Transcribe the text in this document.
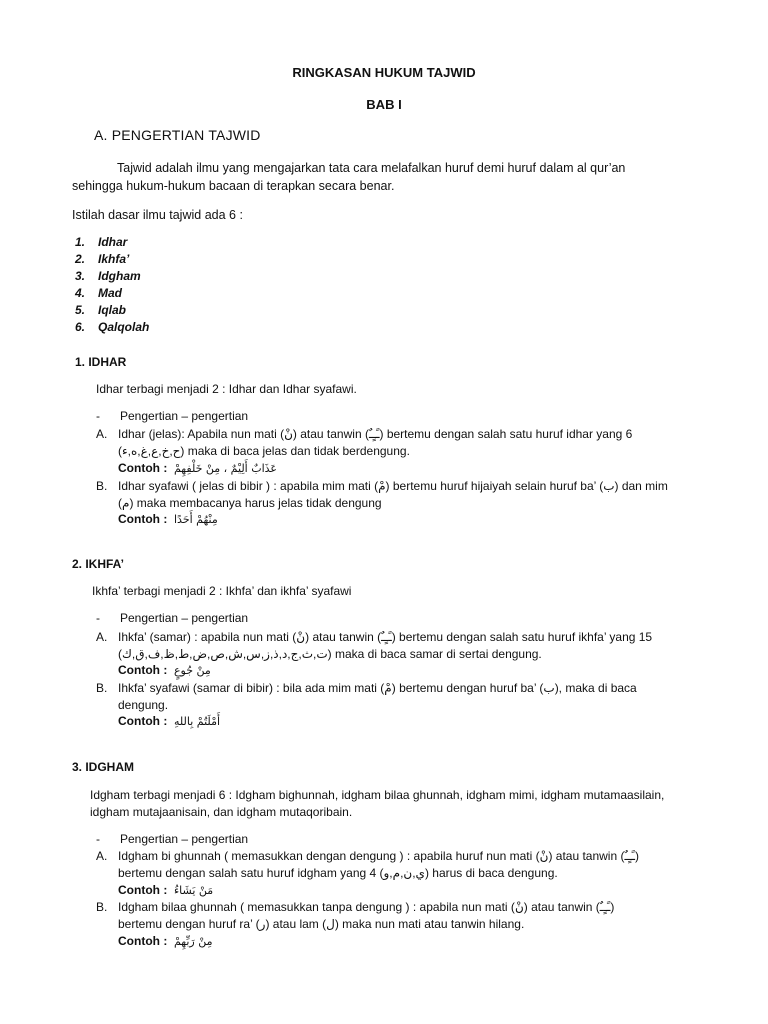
RINGKASAN HUKUM TAJWID
BAB I
A. PENGERTIAN TAJWID
Tajwid adalah ilmu yang mengajarkan tata cara melafalkan huruf demi huruf dalam al qur’an
sehingga hukum-hukum bacaan di terapkan secara benar.
Istilah dasar ilmu tajwid ada 6 :
1. Idhar
2. Ikhfa’
3. Idgham
4. Mad
5. Iqlab
6. Qalqolah
1. IDHAR
Idhar terbagi menjadi 2 : Idhar dan Idhar syafawi.
-      Pengertian – pengertian
A. Idhar (jelas): Apabila nun mati (نْ) atau tanwin (ـًـٍـٌ) bertemu dengan salah satu huruf idhar yang 6
(ح,خ,ع,غ,ه,ء) maka di baca jelas dan tidak berdengung.
Contoh : عَذَابٌ أَلِيْمٌ ، مِنْ خَلْفِهِمْ
B. Idhar syafawi ( jelas di bibir ) : apabila mim mati (مْ) bertemu huruf hijaiyah selain huruf ba’ (ب) dan mim
(م) maka membacanya harus jelas tidak dengung
Contoh : مِنْهُمْ أَحَدًا
2. IKHFA’
Ikhfa’ terbagi menjadi 2 : Ikhfa’ dan ikhfa’ syafawi
-      Pengertian – pengertian
A. Ihkfa’ (samar) : apabila nun mati (نْ) atau tanwin (ـًـٍـٌ) bertemu dengan salah satu huruf ikhfa’ yang 15
(ت,ث,ج,د,ذ,ز,س,ش,ص,ض,ط,ظ,ف,ق,ك) maka di baca samar di sertai dengung.
Contoh : مِنْ جُوعٍ
B. Ihkfa’ syafawi (samar di bibir) : bila ada mim mati (مْ) bertemu dengan huruf ba’ (ب), maka di baca
dengung.
Contoh : أَمْلَتُمْ بِاللهِ
3. IDGHAM
Idgham terbagi menjadi 6 : Idgham bighunnah, idgham bilaa ghunnah, idgham mimi, idgham mutamaasilain,
idgham mutajaanisain, dan idgham mutaqoribain.
-      Pengertian – pengertian
A. Idgham bi ghunnah ( memasukkan dengan dengung ) : apabila huruf nun mati (نْ) atau tanwin (ـًـٍـٌ)
bertemu dengan salah satu huruf idgham yang 4 (ي,ن,م,و) harus di baca dengung.
Contoh : مَنْ يَشَاءُ
B. Idgham bilaa ghunnah ( memasukkan tanpa dengung ) : apabila nun mati (نْ) atau tanwin (ـًـٍـٌ)
bertemu dengan huruf ra’ (ر) atau lam (ل) maka nun mati atau tanwin hilang.
Contoh : مِنْ رَبِّهِمْ
